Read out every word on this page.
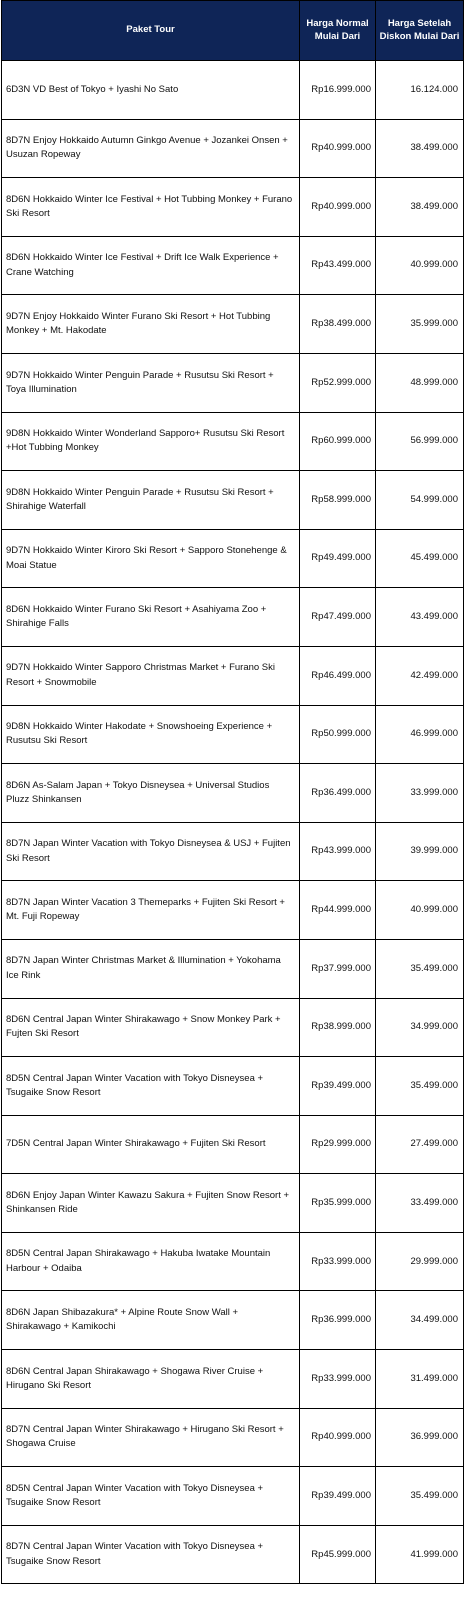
Paket Tour	Harga Normal Mulai Dari	Harga Setelah Diskon Mulai Dari
6D3N VD Best of Tokyo + Iyashi No Sato	Rp16.999.000	16.124.000
8D7N Enjoy Hokkaido Autumn Ginkgo Avenue + Jozankei Onsen + Usuzan Ropeway	Rp40.999.000	38.499.000
8D6N Hokkaido Winter Ice Festival + Hot Tubbing Monkey + Furano Ski Resort	Rp40.999.000	38.499.000
8D6N Hokkaido Winter Ice Festival + Drift Ice Walk Experience + Crane Watching	Rp43.499.000	40.999.000
9D7N Enjoy Hokkaido Winter Furano Ski Resort + Hot Tubbing Monkey + Mt. Hakodate	Rp38.499.000	35.999.000
9D7N Hokkaido Winter Penguin Parade + Rusutsu Ski Resort + Toya Illumination	Rp52.999.000	48.999.000
9D8N Hokkaido Winter Wonderland Sapporo+ Rusutsu Ski Resort +Hot Tubbing Monkey	Rp60.999.000	56.999.000
9D8N Hokkaido Winter Penguin Parade + Rusutsu Ski Resort + Shirahige Waterfall	Rp58.999.000	54.999.000
9D7N Hokkaido Winter Kiroro Ski Resort + Sapporo Stonehenge & Moai Statue	Rp49.499.000	45.499.000
8D6N Hokkaido Winter Furano Ski Resort + Asahiyama Zoo + Shirahige Falls	Rp47.499.000	43.499.000
9D7N Hokkaido Winter Sapporo Christmas Market + Furano Ski Resort + Snowmobile	Rp46.499.000	42.499.000
9D8N Hokkaido Winter Hakodate + Snowshoeing Experience + Rusutsu Ski Resort	Rp50.999.000	46.999.000
8D6N As-Salam Japan + Tokyo Disneysea + Universal Studios Pluzz Shinkansen	Rp36.499.000	33.999.000
8D7N Japan Winter Vacation with Tokyo Disneysea & USJ + Fujiten Ski Resort	Rp43.999.000	39.999.000
8D7N Japan Winter Vacation 3 Themeparks + Fujiten Ski Resort + Mt. Fuji Ropeway	Rp44.999.000	40.999.000
8D7N Japan Winter Christmas Market & Illumination + Yokohama Ice Rink	Rp37.999.000	35.499.000
8D6N Central Japan Winter Shirakawago + Snow Monkey Park + Fujten Ski Resort	Rp38.999.000	34.999.000
8D5N Central Japan Winter Vacation with Tokyo Disneysea + Tsugaike Snow Resort	Rp39.499.000	35.499.000
7D5N Central Japan Winter Shirakawago + Fujiten Ski Resort	Rp29.999.000	27.499.000
8D6N Enjoy Japan Winter Kawazu Sakura + Fujiten Snow Resort + Shinkansen Ride	Rp35.999.000	33.499.000
8D5N Central Japan Shirakawago + Hakuba Iwatake Mountain Harbour + Odaiba	Rp33.999.000	29.999.000
8D6N Japan Shibazakura* + Alpine Route Snow Wall + Shirakawago + Kamikochi	Rp36.999.000	34.499.000
8D6N Central Japan Shirakawago + Shogawa River Cruise + Hirugano Ski Resort	Rp33.999.000	31.499.000
8D7N Central Japan Winter Shirakawago + Hirugano Ski Resort + Shogawa Cruise	Rp40.999.000	36.999.000
8D5N Central Japan Winter Vacation with Tokyo Disneysea + Tsugaike Snow Resort	Rp39.499.000	35.499.000
8D7N Central Japan Winter Vacation with Tokyo Disneysea + Tsugaike Snow Resort	Rp45.999.000	41.999.000
